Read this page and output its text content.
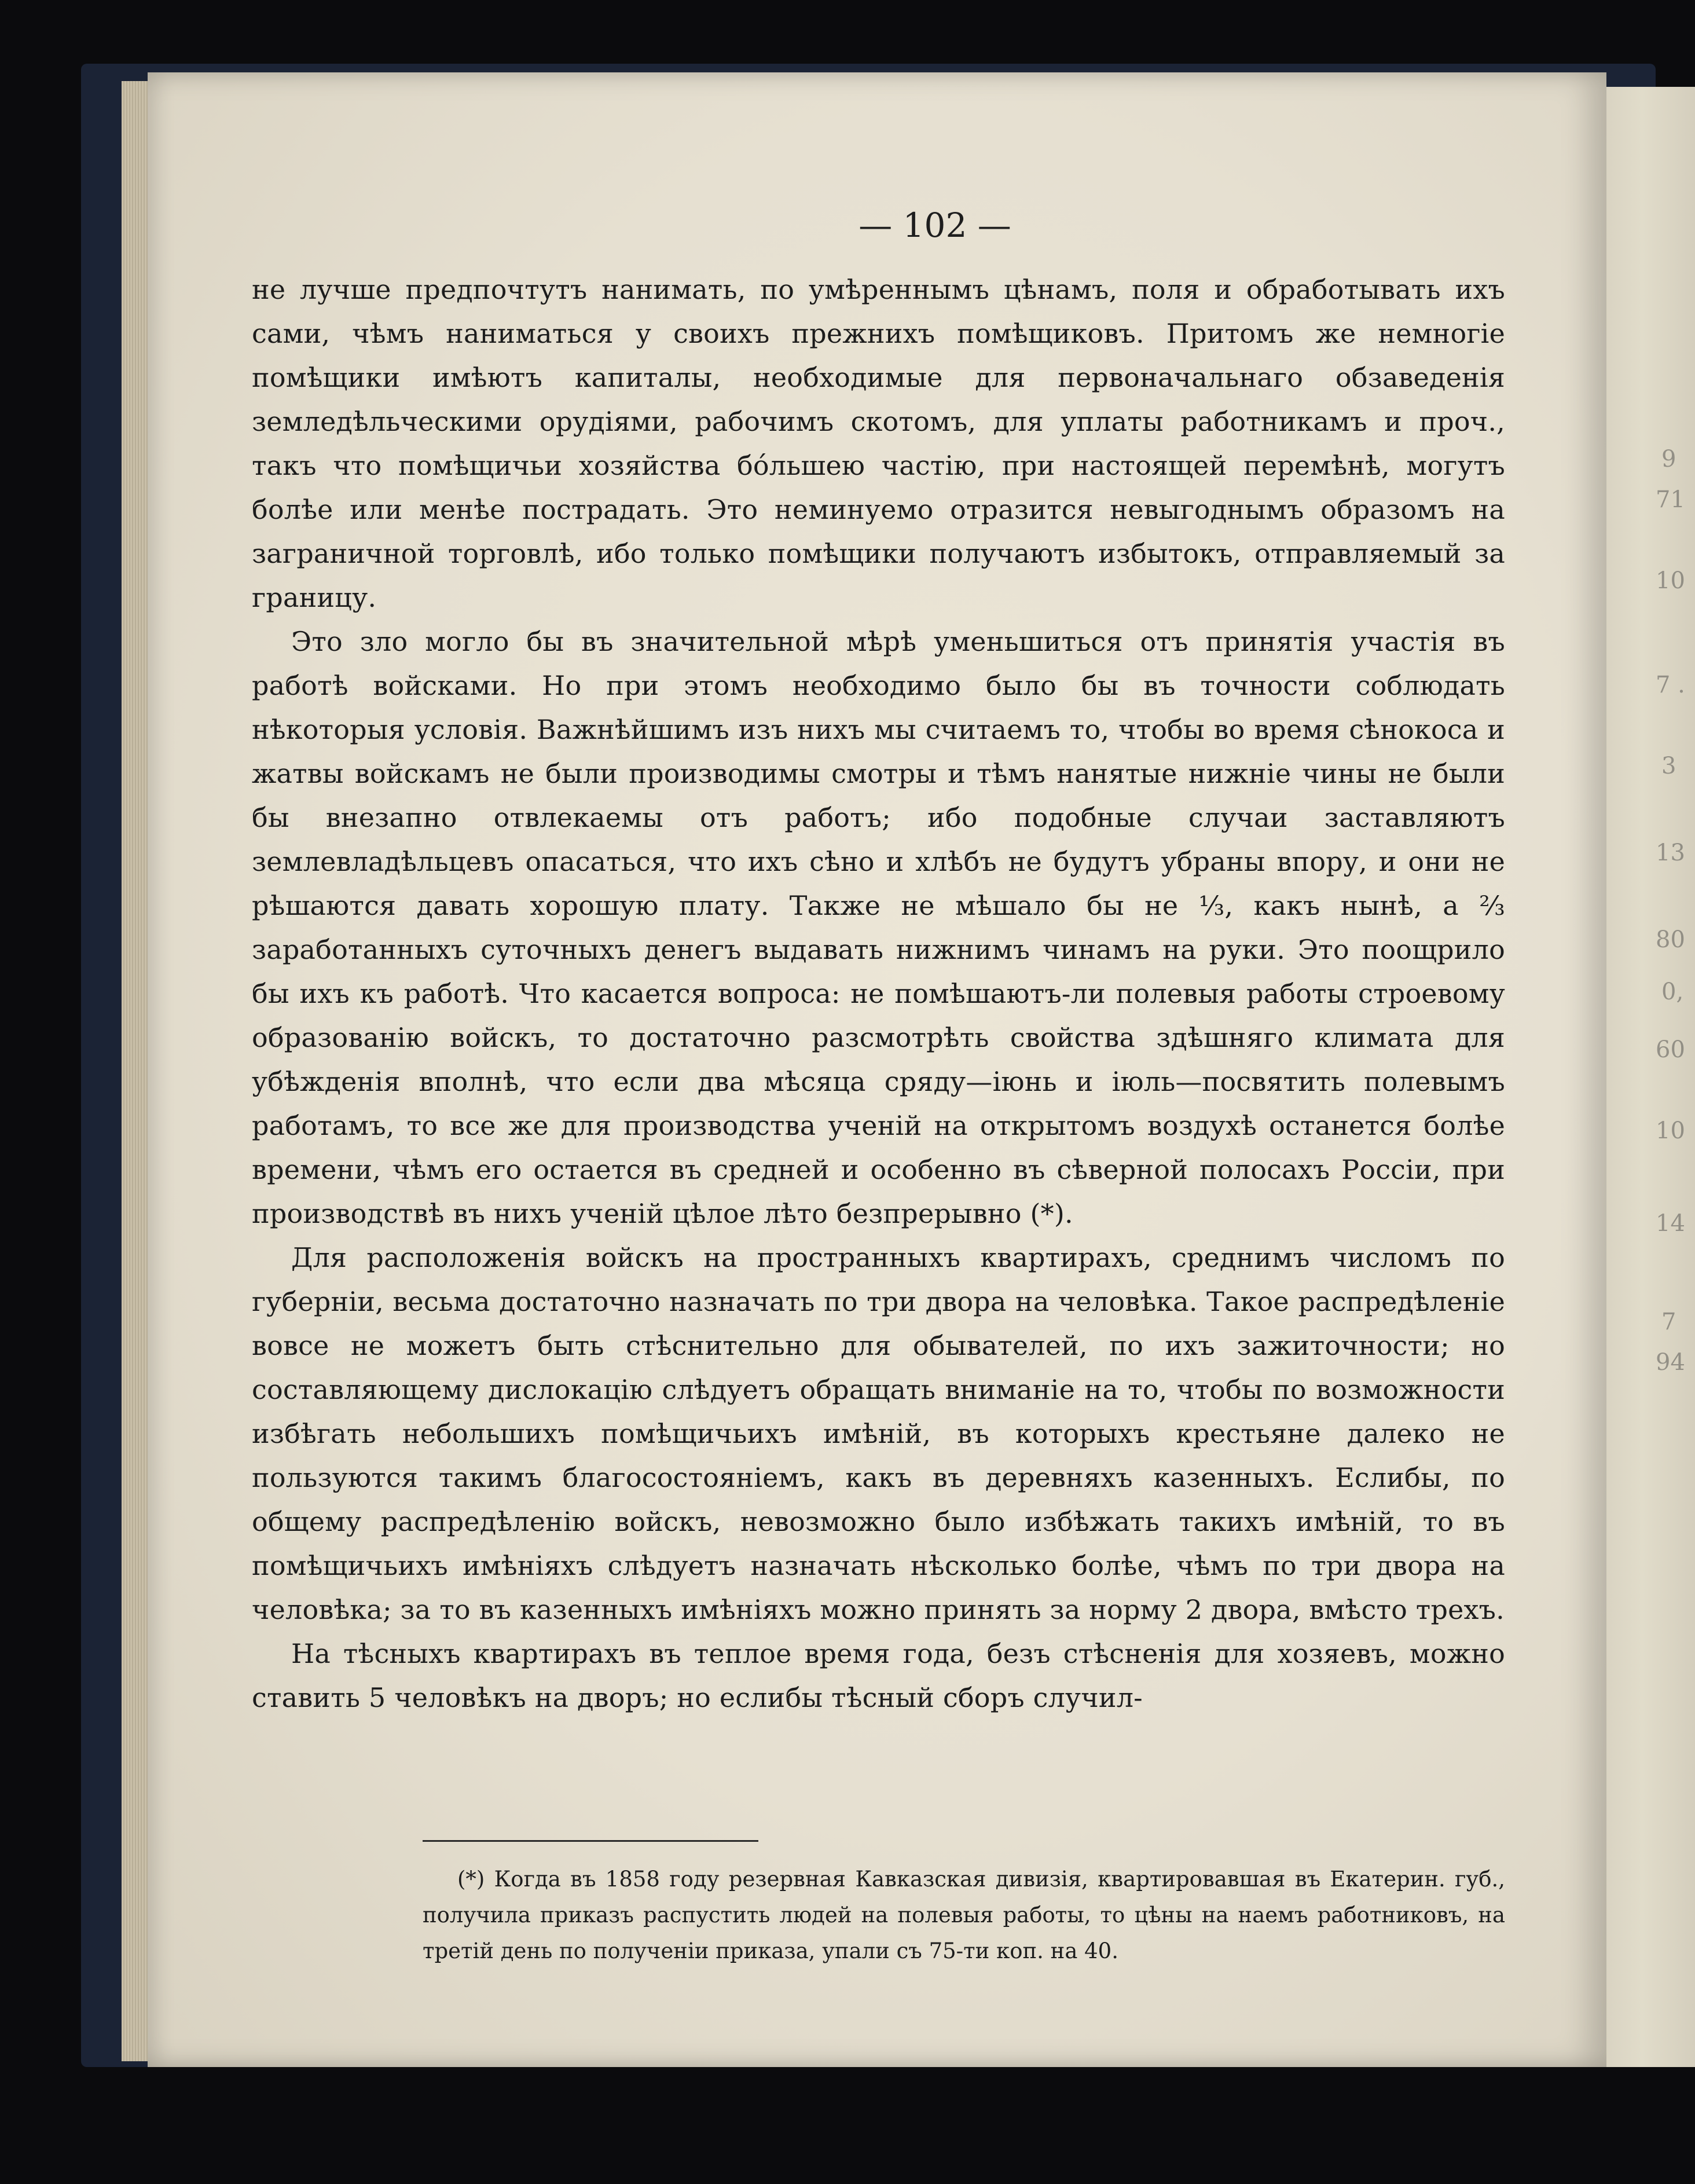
9
71
10
7 .
3
13
80
0,
60
10
14
7
94
— 102 —

не лучше предпочтутъ нанимать, по умѣреннымъ цѣнамъ, поля и обработывать ихъ сами, чѣмъ наниматься у своихъ прежнихъ помѣщиковъ. Притомъ же немногіе помѣщики имѣютъ капиталы, необходимые для первоначальнаго обзаведенія земледѣльческими орудіями, рабочимъ скотомъ, для уплаты работникамъ и проч., такъ что помѣщичьи хозяйства бо́льшею частію, при настоящей перемѣнѣ, могутъ болѣе или менѣе пострадать. Это неминуемо отразится невыгоднымъ образомъ на заграничной торговлѣ, ибо только помѣщики получаютъ избытокъ, отправляемый за границу.

Это зло могло бы въ значительной мѣрѣ уменьшиться отъ принятія участія въ работѣ войсками. Но при этомъ необходимо было бы въ точности соблюдать нѣкоторыя условія. Важнѣйшимъ изъ нихъ мы считаемъ то, чтобы во время сѣнокоса и жатвы войскамъ не были производимы смотры и тѣмъ нанятые нижніе чины не были бы внезапно отвлекаемы отъ работъ; ибо подобные случаи заставляютъ землевладѣльцевъ опасаться, что ихъ сѣно и хлѣбъ не будутъ убраны впору, и они не рѣшаются давать хорошую плату. Также не мѣшало бы не ⅓, какъ нынѣ, а ⅔ заработанныхъ суточныхъ денегъ выдавать нижнимъ чинамъ на руки. Это поощрило бы ихъ къ работѣ. Что касается вопроса: не помѣшаютъ-ли полевыя работы строевому образованію войскъ, то достаточно разсмотрѣть свойства здѣшняго климата для убѣжденія вполнѣ, что если два мѣсяца сряду—іюнь и іюль—посвятить полевымъ работамъ, то все же для производства ученій на открытомъ воздухѣ останется болѣе времени, чѣмъ его остается въ средней и особенно въ сѣверной полосахъ Россіи, при производствѣ въ нихъ ученій цѣлое лѣто безпрерывно (*).

Для расположенія войскъ на пространныхъ квартирахъ, среднимъ числомъ по губерніи, весьма достаточно назначать по три двора на человѣка. Такое распредѣленіе вовсе не можетъ быть стѣснительно для обывателей, по ихъ зажиточности; но составляющему дислокацію слѣдуетъ обращать вниманіе на то, чтобы по возможности избѣгать небольшихъ помѣщичьихъ имѣній, въ которыхъ крестьяне далеко не пользуются такимъ благосостояніемъ, какъ въ деревняхъ казенныхъ. Еслибы, по общему распредѣленію войскъ, невозможно было избѣжать такихъ имѣній, то въ помѣщичьихъ имѣніяхъ слѣдуетъ назначать нѣсколько болѣе, чѣмъ по три двора на человѣка; за то въ казенныхъ имѣніяхъ можно принять за норму 2 двора, вмѣсто трехъ.

На тѣсныхъ квартирахъ въ теплое время года, безъ стѣсненія для хозяевъ, можно ставить 5 человѣкъ на дворъ; но еслибы тѣсный сборъ случил-

(*) Когда въ 1858 году резервная Кавказская дивизія, квартировавшая въ Екатерин. губ., получила приказъ распустить людей на полевыя работы, то цѣны на наемъ работниковъ, на третій день по полученіи приказа, упали съ 75-ти коп. на 40.
